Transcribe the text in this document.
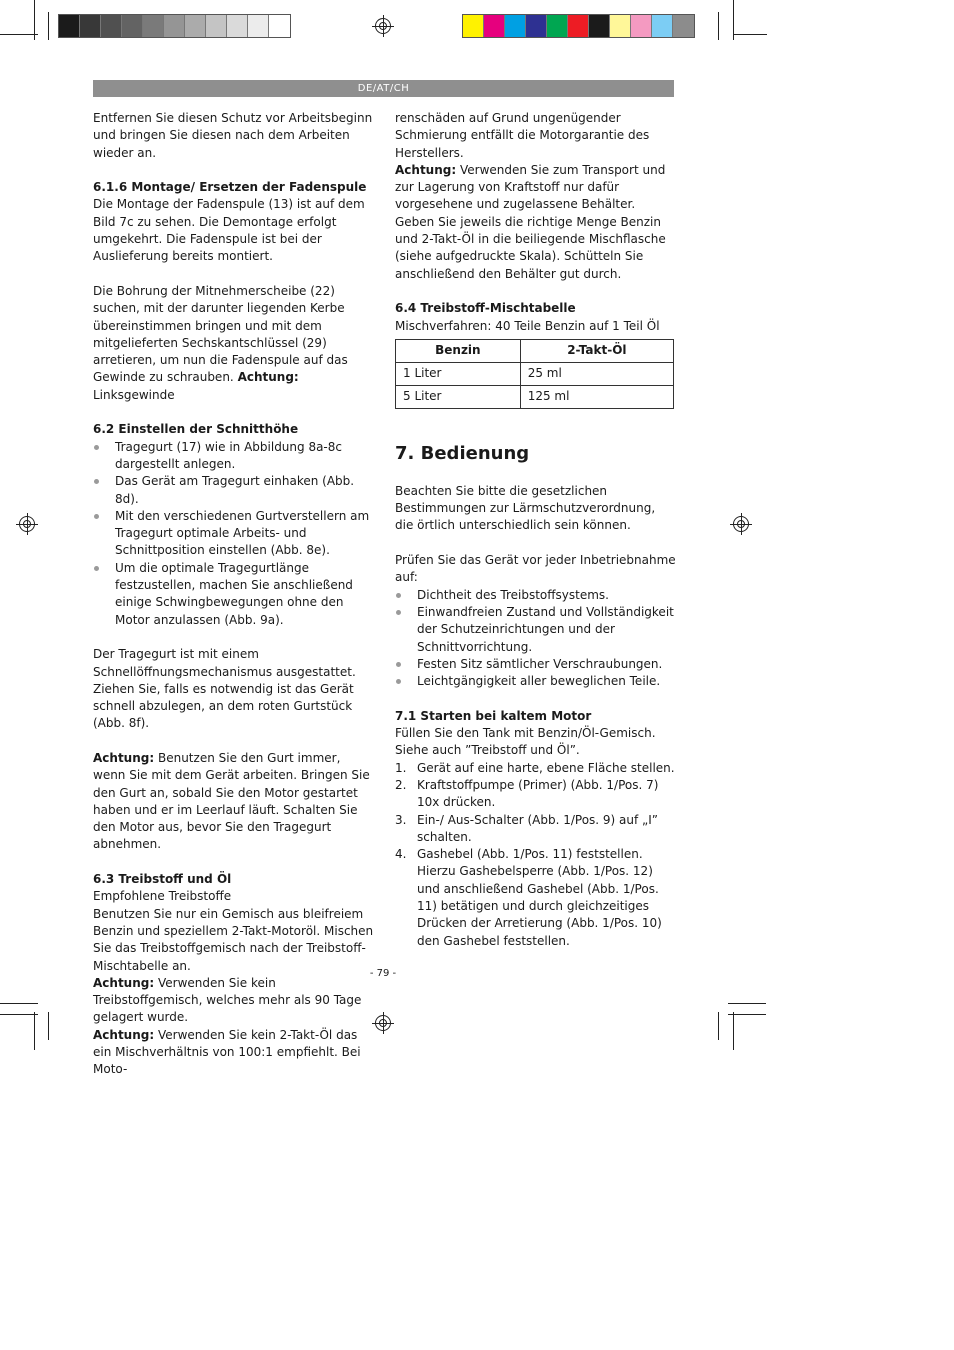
DE/AT/CH

Entfernen Sie diesen Schutz vor Arbeitsbeginn und bringen Sie diesen nach dem Arbeiten wieder an.

6.1.6 Montage/ Ersetzen der Fadenspule

Die Montage der Fadenspule (13) ist auf dem Bild 7c zu sehen. Die Demontage erfolgt umgekehrt. Die Fadenspule ist bei der Auslieferung bereits montiert.

Die Bohrung der Mitnehmerscheibe (22) suchen, mit der darunter liegenden Kerbe übereinstimmen bringen und mit dem mitgelieferten Sechskantschlüssel (29) arretieren, um nun die Fadenspule auf das Gewinde zu schrauben. Achtung: Linksgewinde

6.2 Einstellen der Schnitthöhe

Tragegurt (17) wie in Abbildung 8a-8c dargestellt anlegen.
Das Gerät am Tragegurt einhaken (Abb. 8d).
Mit den verschiedenen Gurtverstellern am Tragegurt optimale Arbeits- und Schnittposition einstellen (Abb. 8e).
Um die optimale Tragegurtlänge festzustellen, machen Sie anschließend einige Schwingbewegungen ohne den Motor anzulassen (Abb. 9a).

Der Tragegurt ist mit einem Schnellöffnungsmechanismus ausgestattet. Ziehen Sie, falls es notwendig ist das Gerät schnell abzulegen, an dem roten Gurtstück (Abb. 8f).

Achtung: Benutzen Sie den Gurt immer, wenn Sie mit dem Gerät arbeiten. Bringen Sie den Gurt an, sobald Sie den Motor gestartet haben und er im Leerlauf läuft. Schalten Sie den Motor aus, bevor Sie den Tragegurt abnehmen.

6.3 Treibstoff und Öl

Empfohlene Treibstoffe

Benutzen Sie nur ein Gemisch aus bleifreiem Benzin und speziellem 2-Takt-Motoröl. Mischen Sie das Treibstoffgemisch nach der Treibstoff-Mischtabelle an.

Achtung: Verwenden Sie kein Treibstoffgemisch, welches mehr als 90 Tage gelagert wurde.

Achtung: Verwenden Sie kein 2-Takt-Öl das ein Mischverhältnis von 100:1 empfiehlt. Bei Moto-

renschäden auf Grund ungenügender Schmierung entfällt die Motorgarantie des Herstellers.

Achtung: Verwenden Sie zum Transport und zur Lagerung von Kraftstoff nur dafür vorgesehene und zugelassene Behälter.

Geben Sie jeweils die richtige Menge Benzin und 2-Takt-Öl in die beiliegende Mischflasche (siehe aufgedruckte Skala). Schütteln Sie anschließend den Behälter gut durch.

6.4 Treibstoff-Mischtabelle

Mischverfahren: 40 Teile Benzin auf 1 Teil Öl

Benzin	2-Takt-Öl
1 Liter	25 ml
5 Liter	125 ml

7. Bedienung

Beachten Sie bitte die gesetzlichen Bestimmungen zur Lärmschutzverordnung, die örtlich unterschiedlich sein können.

Prüfen Sie das Gerät vor jeder Inbetriebnahme auf:

Dichtheit des Treibstoffsystems.
Einwandfreien Zustand und Vollständigkeit der Schutzeinrichtungen und der Schnittvorrichtung.
Festen Sitz sämtlicher Verschraubungen.
Leichtgängigkeit aller beweglichen Teile.

7.1 Starten bei kaltem Motor

Füllen Sie den Tank mit Benzin/Öl-Gemisch. Siehe auch ”Treibstoff und Öl”.

1. Gerät auf eine harte, ebene Fläche stellen.
2. Kraftstoffpumpe (Primer) (Abb. 1/Pos. 7) 10x drücken.
3. Ein-/ Aus-Schalter (Abb. 1/Pos. 9) auf „I” schalten.
4. Gashebel (Abb. 1/Pos. 11) feststellen. Hierzu Gashebelsperre (Abb. 1/Pos. 12) und anschließend Gashebel (Abb. 1/Pos. 11) betätigen und durch gleichzeitiges Drücken der Arretierung (Abb. 1/Pos. 10) den Gashebel feststellen.
- 79 -
